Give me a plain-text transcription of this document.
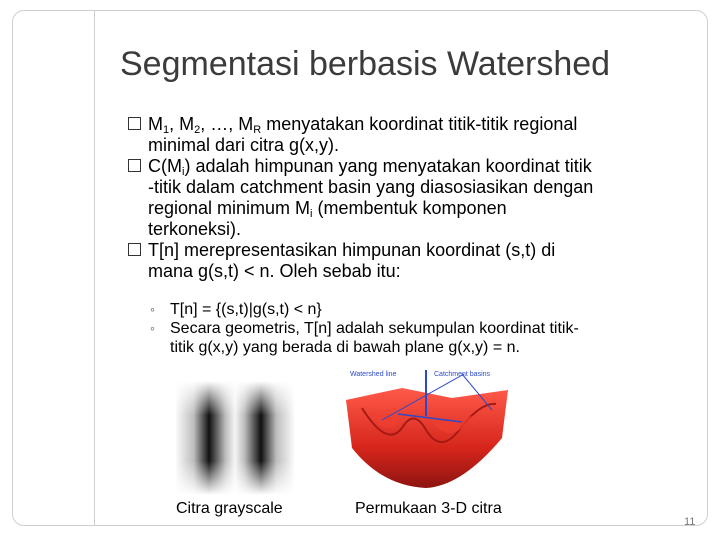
Segmentasi berbasis Watershed
$M_1$, $M_2$, …, $M_R$ menyatakan koordinat titik-titik regional
minimal dari citra g(x,y).
$C(M_i)$ adalah himpunan yang menyatakan koordinat titik
-titik dalam catchment basin yang diasosiasikan dengan
regional minimum $M_i$ (membentuk komponen
terkoneksi).
T[n] merepresentasikan himpunan koordinat (s,t) di
mana g(s,t) < n. Oleh sebab itu:
◦ T[n] = {(s,t)|g(s,t) < n}
◦ Secara geometris, T[n] adalah sekumpulan koordinat titik-
titik g(x,y) yang berada di bawah plane g(x,y) = n.
Watershed line	Catchment basins
Citra grayscale	Permukaan 3-D citra
11
